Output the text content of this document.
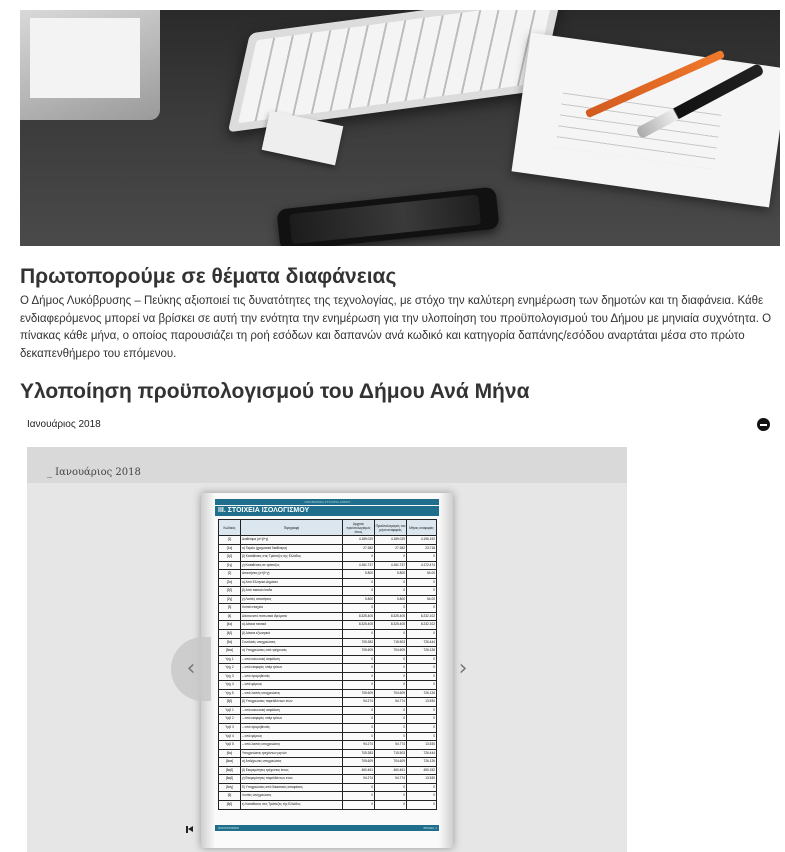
Πρωτοπορούμε σε θέματα διαφάνειας

Ο Δήμος Λυκόβρυσης – Πεύκης αξιοποιεί τις δυνατότητες της τεχνολογίας, με στόχο την καλύτερη ενημέρωση των δημοτών και τη διαφάνεια. Κάθε ενδιαφερόμενος μπορεί να βρίσκει σε αυτή την ενότητα την ενημέρωση για την υλοποίηση του προϋπολογισμού του Δήμου με μηνιαία συχνότητα. Ο πίνακας κάθε μήνα, ο οποίος παρουσιάζει τη ροή εσόδων και δαπανών ανά κωδικό και κατηγορία δαπάνης/εσόδου αναρτάται μέσα στο πρώτο δεκαπενθήμερο του επόμενου.

Υλοποίηση προϋπολογισμού του Δήμου Ανά Μήνα
Ιανουάριος 2018
_ Ιανουάριος 2018
ΟΙΚΟΝΟΜΙΚΑ ΣΤΟΙΧΕΙΑ ΔΗΜΟΥ
ΙΙΙ. ΣΤΟΙΧΕΙΑ ΙΣΟΛΟΓΙΣΜΟΥ
Κωδικός	Περιγραφή	Αρχικός προϋπολογισμός έτους	Προϋπολογισμός του μήνα αναφοράς	Μήνας αναφοράς
[1]	Διαθέσιμα (α+β+γ)	4.189.029	4.189.029	4.196.192
[1α]	α) Ταμείο (χρηματικά διαθέσιμα)	27.382	27.382	23.718
[1β]	β) Καταθέσεις στις Τράπεζες της Ελλάδος	0	0	0
[1γ]	γ) Καταθέσεις σε τράπεζες	4.161.737	4.161.737	4.172.474
[2]	Απαιτήσεις (α+β+γ)	5.800	5.800	54.00
[2α]	α) Από Ελληνικό Δημόσιο	0	0	0
[2β]	β) Από τακτικά έσοδα	0	0	0
[2γ]	γ) Λοιπές απαιτήσεις	5.800	5.800	54.00
[3]	Λοιπά στοιχεία	0	0	0
[4]	Δάνεια από πιστωτικά ιδρύματα	8.325.405	8.325.405	8.232.102
[4α]	α) Δάνεια τακτικά	8.325.405	8.325.405	8.232.102
[4β]	β) Δάνεια εξωτερικά	0	0	0
[5α]	Συνολικές υποχρεώσεις	705.383	715.503	726.444
[5αα]	α) Υποχρεώσεις από τρέχουσες	705.609	704.609	726.126
Υρχ 1	– από κοινωνική ασφάλιση	0	0	0
Υρχ 2	– από εισφορές υπέρ τρίτων	0	0	0
Υρχ 3	– από προμηθευτές	0	0	0
Υρχ 4	– από φόρους	0	0	0
Υρχ 5	– από λοιπές υποχρεώσεις	705.609	704.609	726.126
[5β]	β) Υποχρεώσεις παρελθόντων ετών	94.274	54.774	13.530
Υρβ 1	– από κοινωνική ασφάλιση	0	0	0
Υρβ 2	– από εισφορές υπέρ τρίτων	0	0	0
Υρβ 3	– από προμηθευτές	0	0	0
Υρβ 4	– από φόρους	0	0	0
Υρβ 5	– από λοιπές υποχρεώσεις	94.274	54.774	13.530
[6α]	Υποχρεώσεις τρεχόντων μηνών	705.383	715.503	726.444
[6αα]	α) Απλήρωτες υποχρεώσεις	705.609	704.609	726.126
[6αβ]	β) Εκκρεμότητες τρέχοντος έτους	460.461	460.461	450.152
[6αβ]	γ) Εκκρεμότητες παρελθόντων ετών	94.274	54.774	13.530
[6αγ]	δ) Υποχρεώσεις από δικαστικές αποφάσεις	0	0	0
[6]	Λοιπές υποχρεώσεις	0	0	0
[6β]	ε) Καταθέσεις στις Τράπεζες της Ελλάδος	0	0	0
ΙΣΟΛΟΓΙΣΜΟΣ	ΣΕΛΙΔΑ 1
‹	›
